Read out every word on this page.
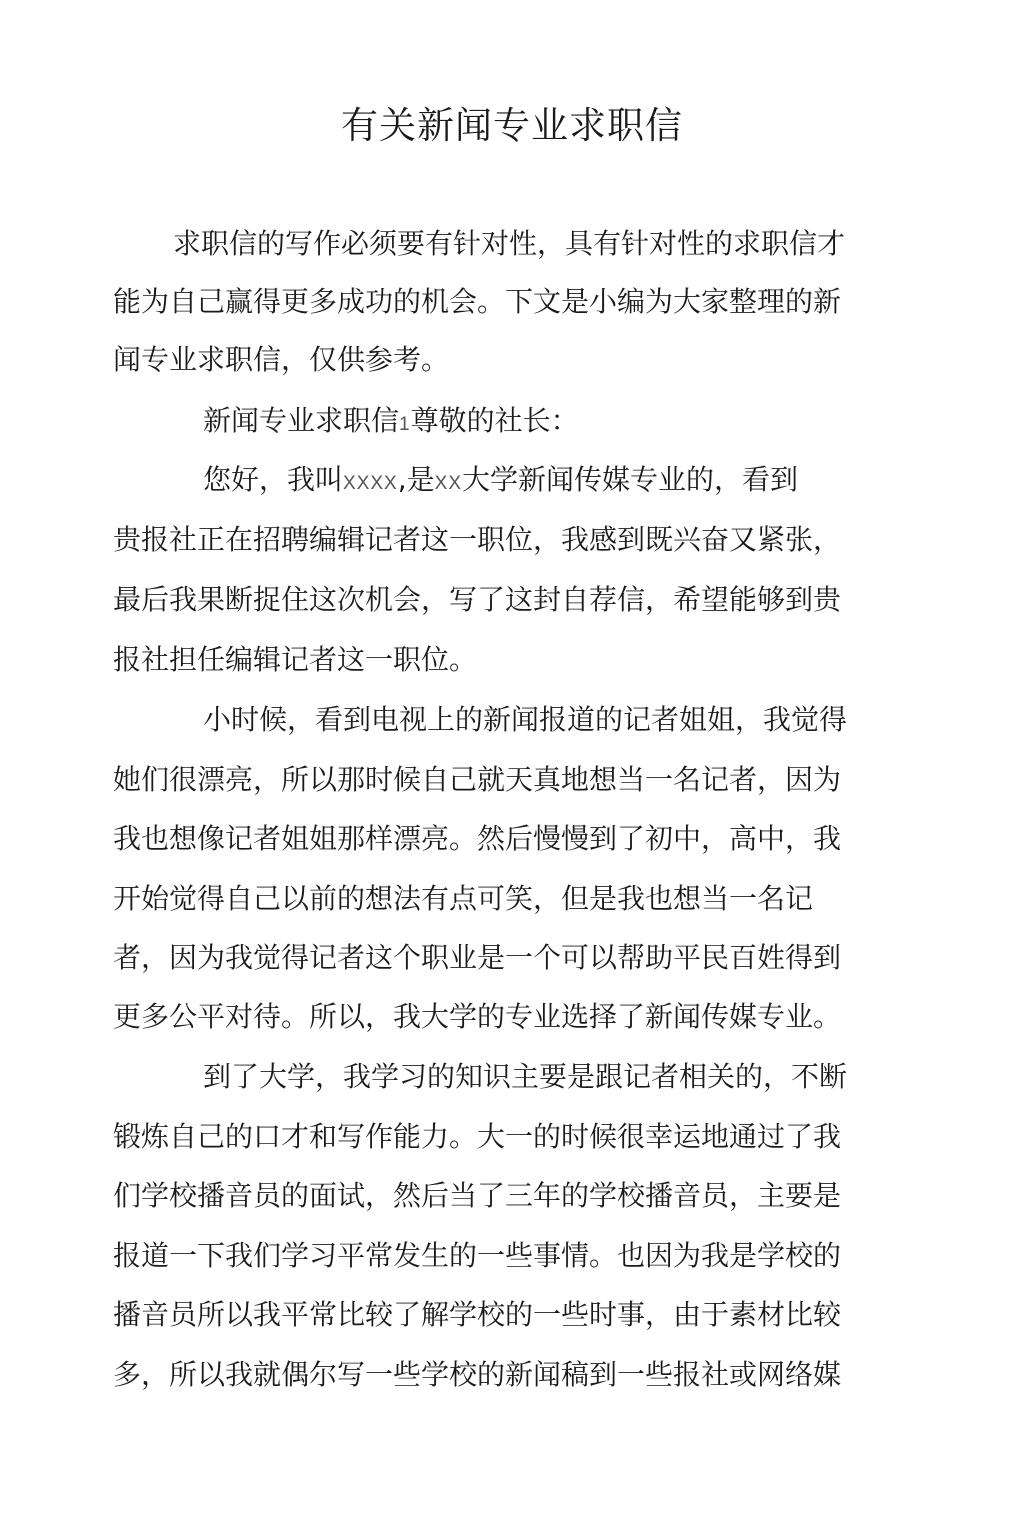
有关新闻专业求职信
求职信的写作必须要有针对性，具有针对性的求职信才
能为自己赢得更多成功的机会。下文是小编为大家整理的新
闻专业求职信，仅供参考。
新闻专业求职信1尊敬的社长：
您好，我叫XXXX,是XX大学新闻传媒专业的，看到
贵报社正在招聘编辑记者这一职位，我感到既兴奋又紧张，
最后我果断捉住这次机会，写了这封自荐信，希望能够到贵
报社担任编辑记者这一职位。
小时候，看到电视上的新闻报道的记者姐姐，我觉得
她们很漂亮，所以那时候自己就天真地想当一名记者，因为
我也想像记者姐姐那样漂亮。然后慢慢到了初中，高中，我
开始觉得自己以前的想法有点可笑，但是我也想当一名记
者，因为我觉得记者这个职业是一个可以帮助平民百姓得到
更多公平对待。所以，我大学的专业选择了新闻传媒专业。
到了大学，我学习的知识主要是跟记者相关的，不断
锻炼自己的口才和写作能力。大一的时候很幸运地通过了我
们学校播音员的面试，然后当了三年的学校播音员，主要是
报道一下我们学习平常发生的一些事情。也因为我是学校的
播音员所以我平常比较了解学校的一些时事，由于素材比较
多，所以我就偶尔写一些学校的新闻稿到一些报社或网络媒
